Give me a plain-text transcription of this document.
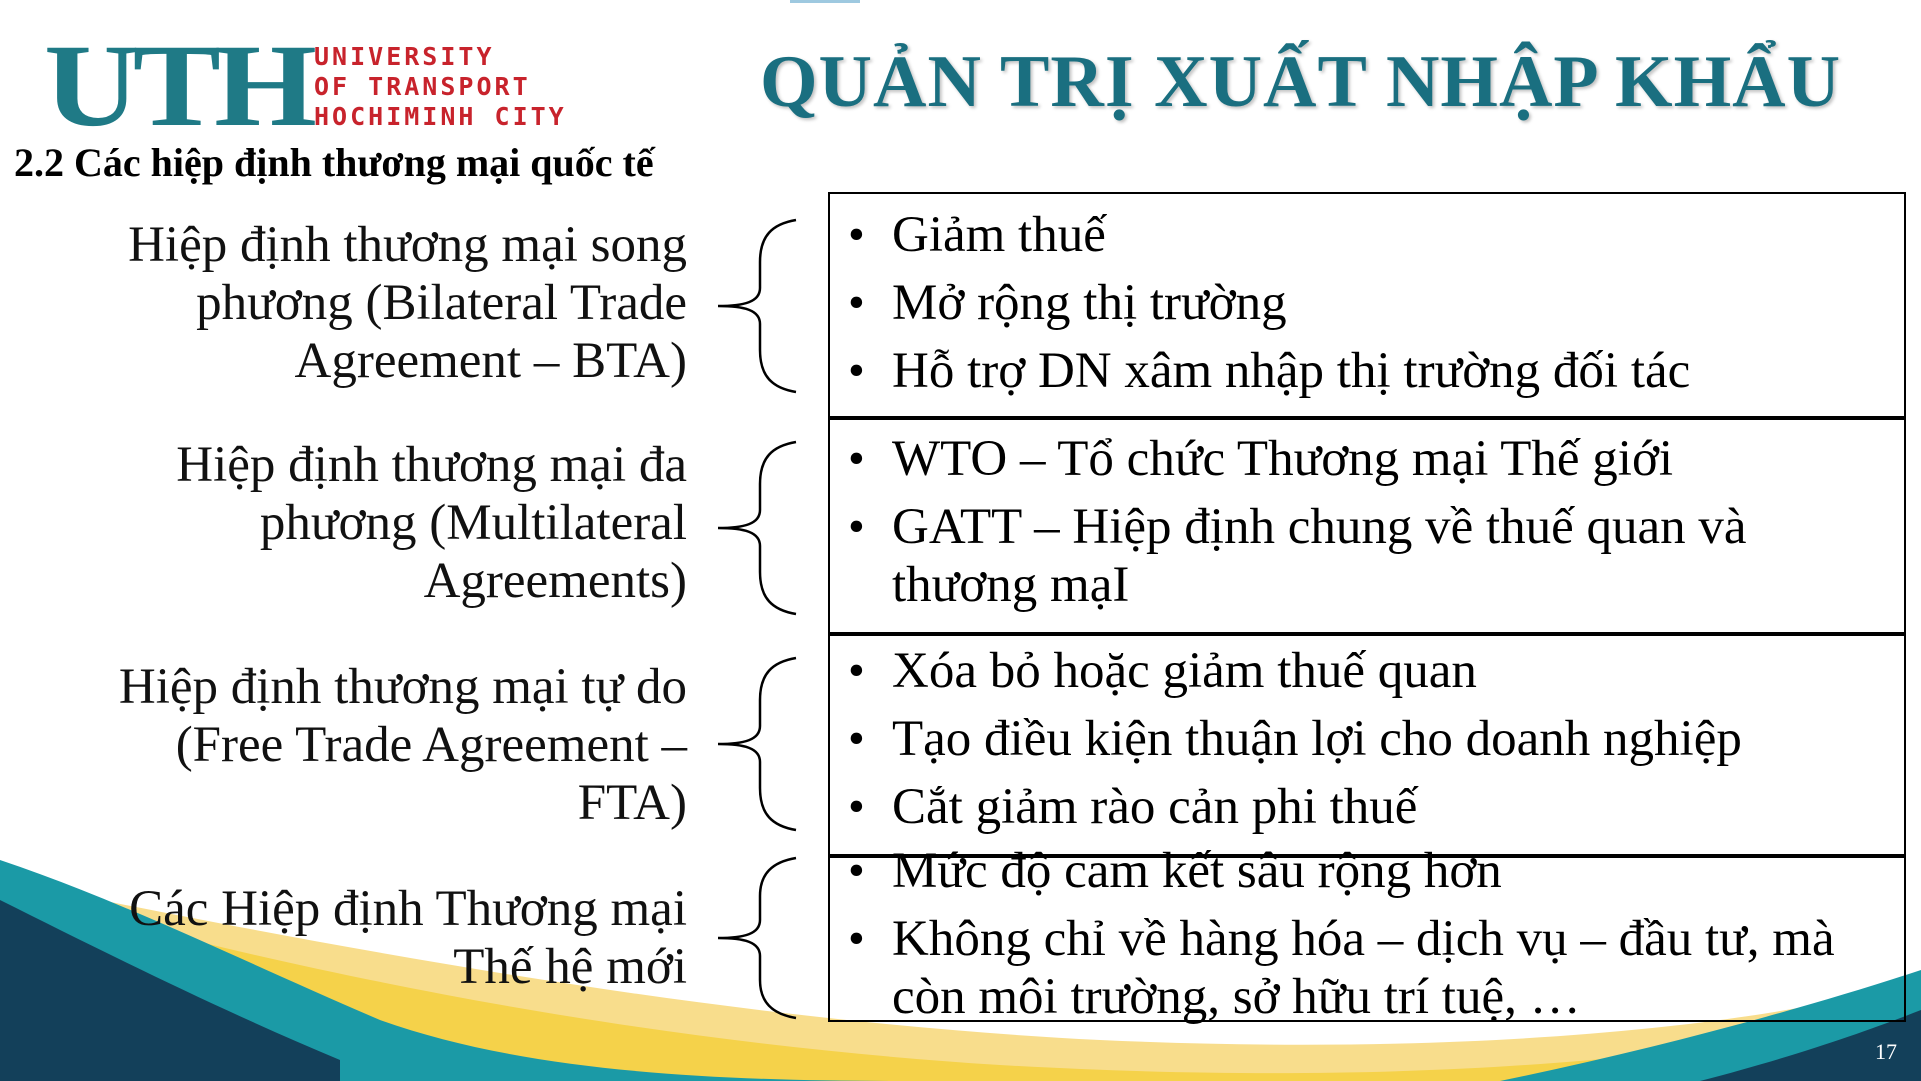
UTH UNIVERSITY
OF TRANSPORT
HOCHIMINH CITY	QUẢN TRỊ XUẤT NHẬP KHẨU
2.2 Các hiệp định thương mại quốc tế
Hiệp định thương mại song
phương (Bilateral Trade
Agreement – BTA)
• Giảm thuế
• Mở rộng thị trường
• Hỗ trợ DN xâm nhập thị trường đối tác
Hiệp định thương mại đa
phương (Multilateral
Agreements)
• WTO – Tổ chức Thương mại Thế giới
• GATT – Hiệp định chung về thuế quan và thương mạI
Hiệp định thương mại tự do
(Free Trade Agreement –
FTA)
• Xóa bỏ hoặc giảm thuế quan
• Tạo điều kiện thuận lợi cho doanh nghiệp
• Cắt giảm rào cản phi thuế
Các Hiệp định Thương mại
Thế hệ mới
• Mức độ cam kết sâu rộng hơn
• Không chỉ về hàng hóa – dịch vụ – đầu tư, mà còn môi trường, sở hữu trí tuệ, …
17
